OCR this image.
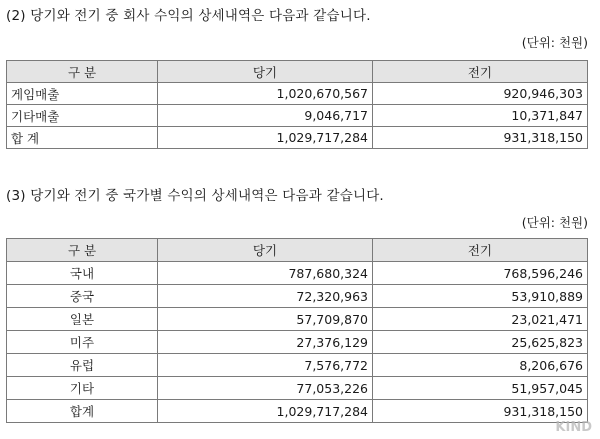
(2) 당기와 전기 중 회사 수익의 상세내역은 다음과 같습니다.
(단위: 천원)
구 분	당기	전기
게임매출	1,020,670,567	920,946,303
기타매출	9,046,717	10,371,847
합 계	1,029,717,284	931,318,150
(3) 당기와 전기 중 국가별 수익의 상세내역은 다음과 같습니다.
(단위: 천원)
구 분	당기	전기
국내	787,680,324	768,596,246
중국	72,320,963	53,910,889
일본	57,709,870	23,021,471
미주	27,376,129	25,625,823
유럽	7,576,772	8,206,676
기타	77,053,226	51,957,045
합계	1,029,717,284	931,318,150
KIND
